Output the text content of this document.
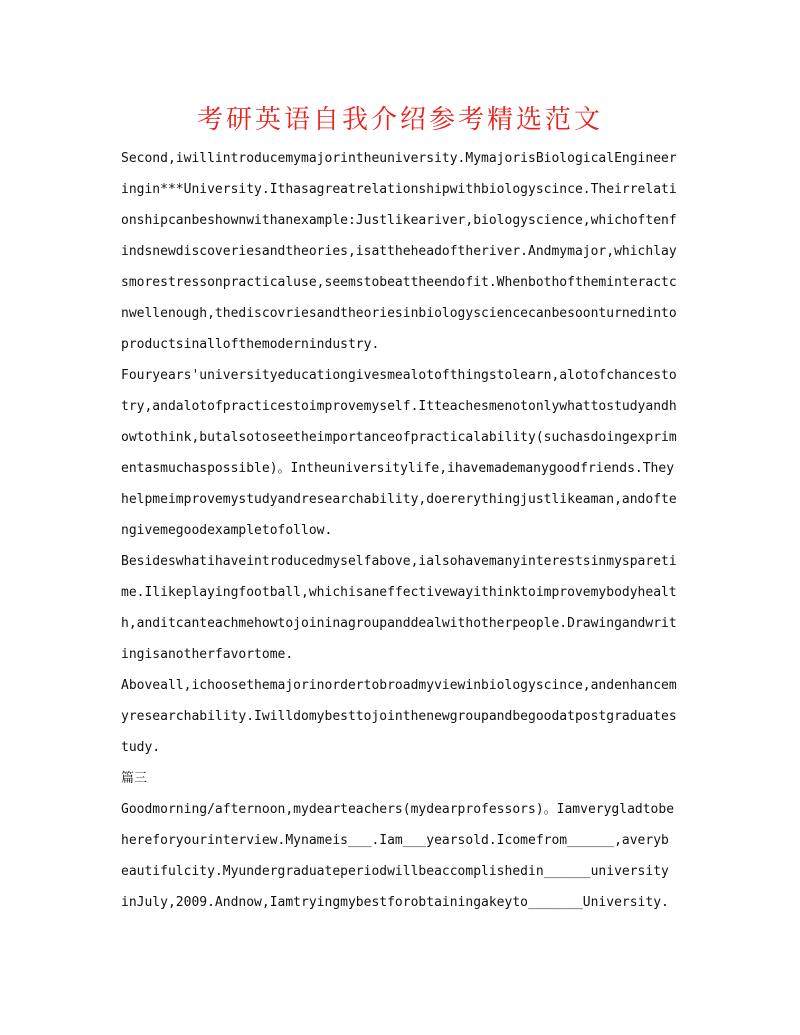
考研英语自我介绍参考精选范文
Second,iwillintroducemymajorintheuniversity.MymajorisBiologicalEngineer
ingin***University.Ithasagreatrelationshipwithbiologyscince.Theirrelati
onshipcanbeshownwithanexample:Justlikeariver,biologyscience,whichoftenf
indsnewdiscoveriesandtheories,isattheheadoftheriver.Andmymajor,whichlay
smorestressonpracticaluse,seemstobeattheendofit.Whenbothoftheminteractc
nwellenough,thediscovriesandtheoriesinbiologysciencecanbesoonturnedinto
productsinallofthemodernindustry.
Fouryears'universityeducationgivesmealotofthingstolearn,alotofchancesto
try,andalotofpracticestoimprovemyself.Itteachesmenotonlywhattostudyandh
owtothink,butalsotoseetheimportanceofpracticalability(suchasdoingexprim
entasmuchaspossible)。Intheuniversitylife,ihavemademanygoodfriends.They
helpmeimprovemystudyandresearchability,doererythingjustlikeaman,andofte
ngivemegoodexampletofollow.
Besideswhatihaveintroducedmyselfabove,ialsohavemanyinterestsinmyspareti
me.Ilikeplayingfootball,whichisaneffectivewayithinktoimprovemybodyhealt
h,anditcanteachmehowtojoininagroupanddealwithotherpeople.Drawingandwrit
ingisanotherfavortome.
Aboveall,ichoosethemajorinordertobroadmyviewinbiologyscince,andenhancem
yresearchability.Iwilldomybesttojointhenewgroupandbegoodatpostgraduates
tudy.
篇三
Goodmorning/afternoon,mydearteachers(mydearprofessors)。Iamverygladtobe
hereforyourinterview.Mynameis___.Iam___yearsold.Icomefrom______,averyb
eautifulcity.Myundergraduateperiodwillbeaccomplishedin______university
inJuly,2009.Andnow,Iamtryingmybestforobtainingakeyto_______University.
